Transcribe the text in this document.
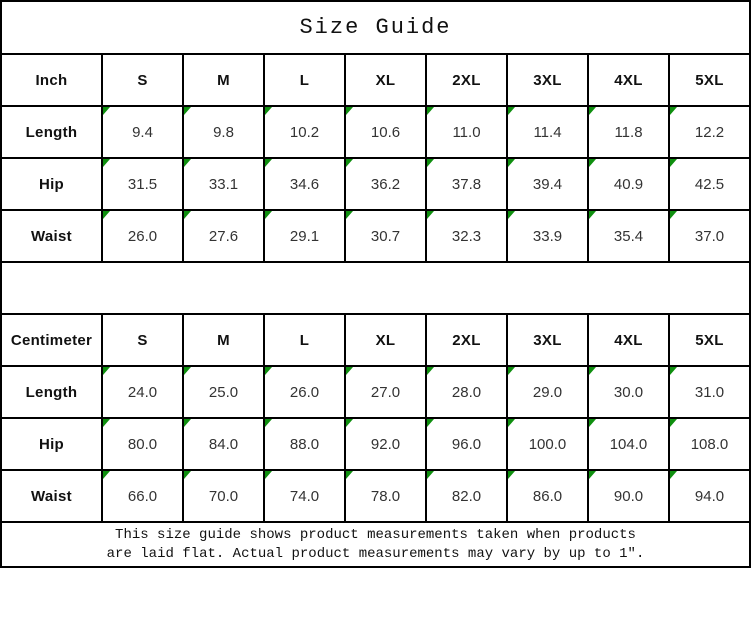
Size Guide								
Inch	S	M	L	XL	2XL	3XL	4XL	5XL
Length	9.4	9.8	10.2	10.6	11.0	11.4	11.8	12.2
Hip	31.5	33.1	34.6	36.2	37.8	39.4	40.9	42.5
Waist	26.0	27.6	29.1	30.7	32.3	33.9	35.4	37.0

Centimeter	S	M	L	XL	2XL	3XL	4XL	5XL
Length	24.0	25.0	26.0	27.0	28.0	29.0	30.0	31.0
Hip	80.0	84.0	88.0	92.0	96.0	100.0	104.0	108.0
Waist	66.0	70.0	74.0	78.0	82.0	86.0	90.0	94.0

This size guide shows product measurements taken when products
are laid flat. Actual product measurements may vary by up to 1″.								
